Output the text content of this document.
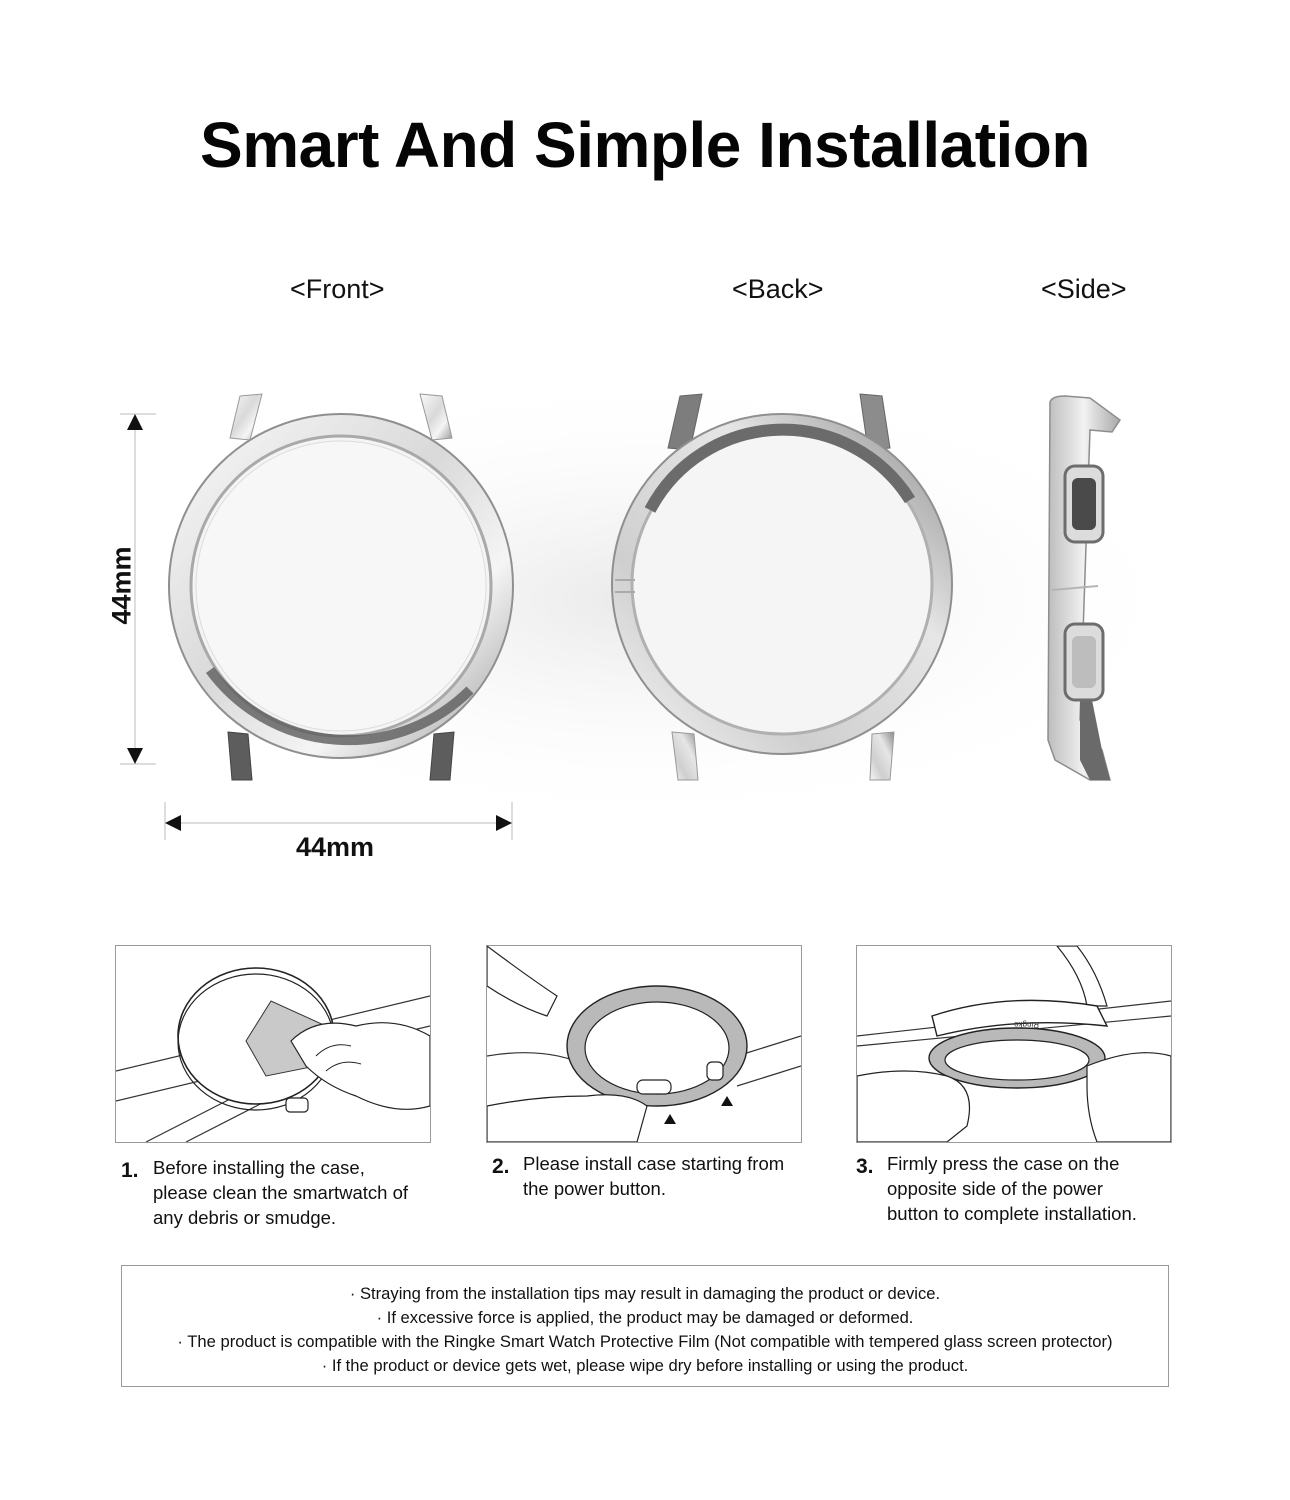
Smart And Simple Installation
<Front>	<Back>	<Side>
44mm
44mm
Ringke
1. Before installing the case,
please clean the smartwatch of
any debris or smudge.
2. Please install case starting from
the power button.
3. Firmly press the case on the
opposite side of the power
button to complete installation.
· Straying from the installation tips may result in damaging the product or device.
· If excessive force is applied, the product may be damaged or deformed.
· The product is compatible with the Ringke Smart Watch Protective Film (Not compatible with tempered glass screen protector)
· If the product or device gets wet, please wipe dry before installing or using the product.
